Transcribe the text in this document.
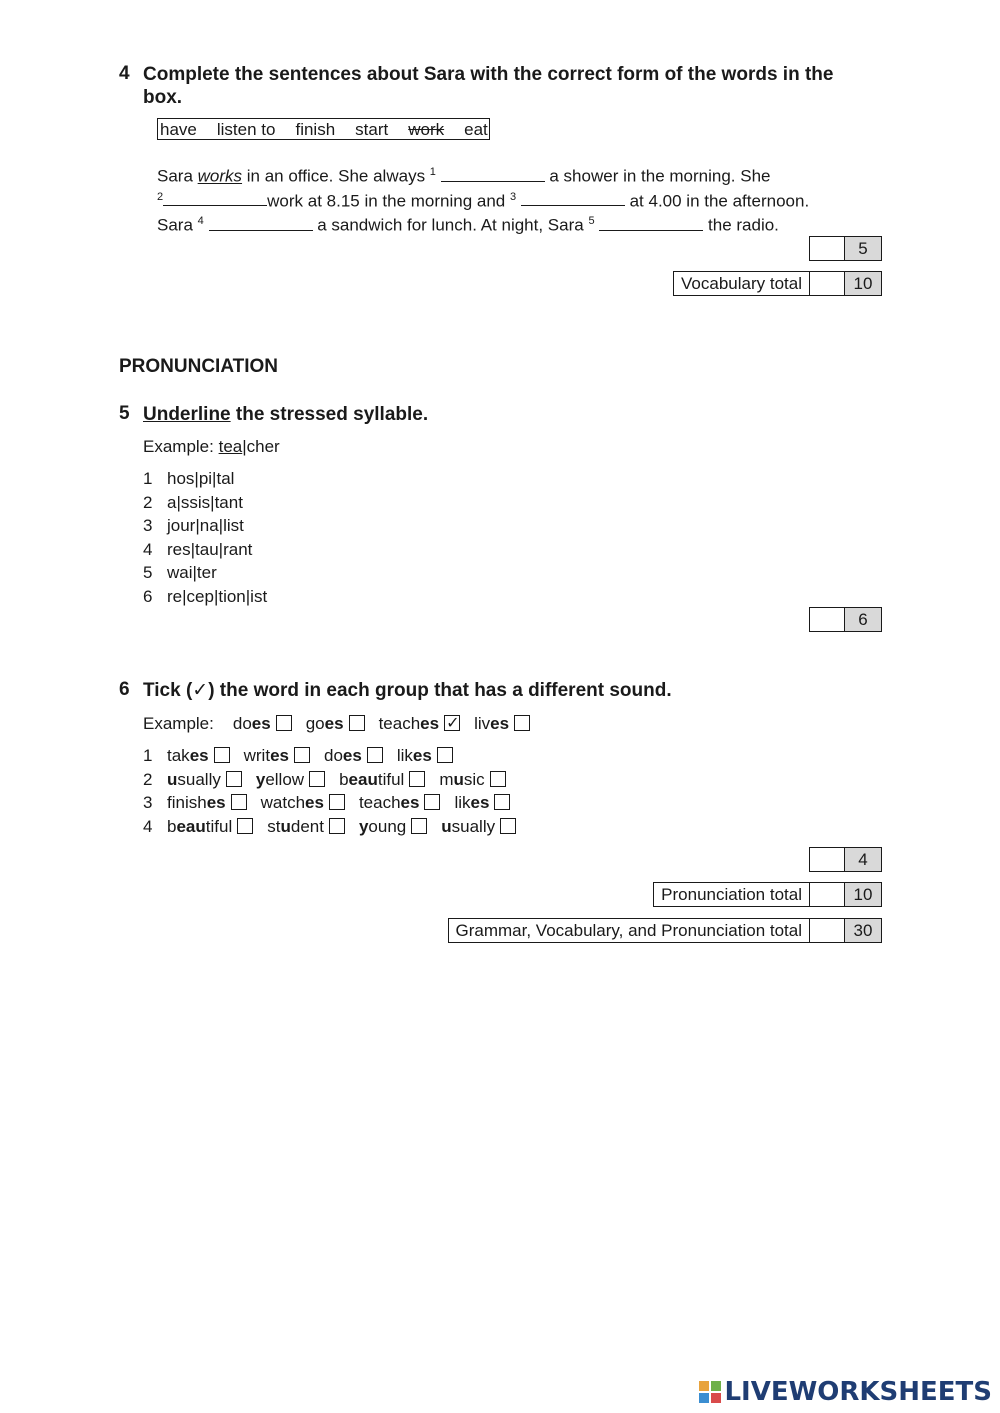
4 Complete the sentences about Sara with the correct form of the words in the
box.
have listen to finish start work eat
Sara works in an office. She always $^1$	a shower in the morning. She
$^2$	work at 8.15 in the morning and $^3$	at 4.00 in the afternoon.
Sara $^4$	a sandwich for lunch. At night, Sara $^5$	the radio.
5
Vocabulary total	10
PRONUNCIATION
5 Underline the stressed syllable.
Example: tea|cher
1 hos|pi|tal
2 a|ssis|tant
3 jour|na|list
4 res|tau|rant
5 wai|ter
6 re|cep|tion|ist
6
6 Tick (✓) the word in each group that has a different sound.
Example: does goes teaches ✓ lives
1 takes writes does likes
2 usually yellow beautiful music
3 finishes watches teaches likes
4 beautiful student young usually
4
Pronunciation total	10
Grammar, Vocabulary, and Pronunciation total	30
LIVEWORKSHEETS
